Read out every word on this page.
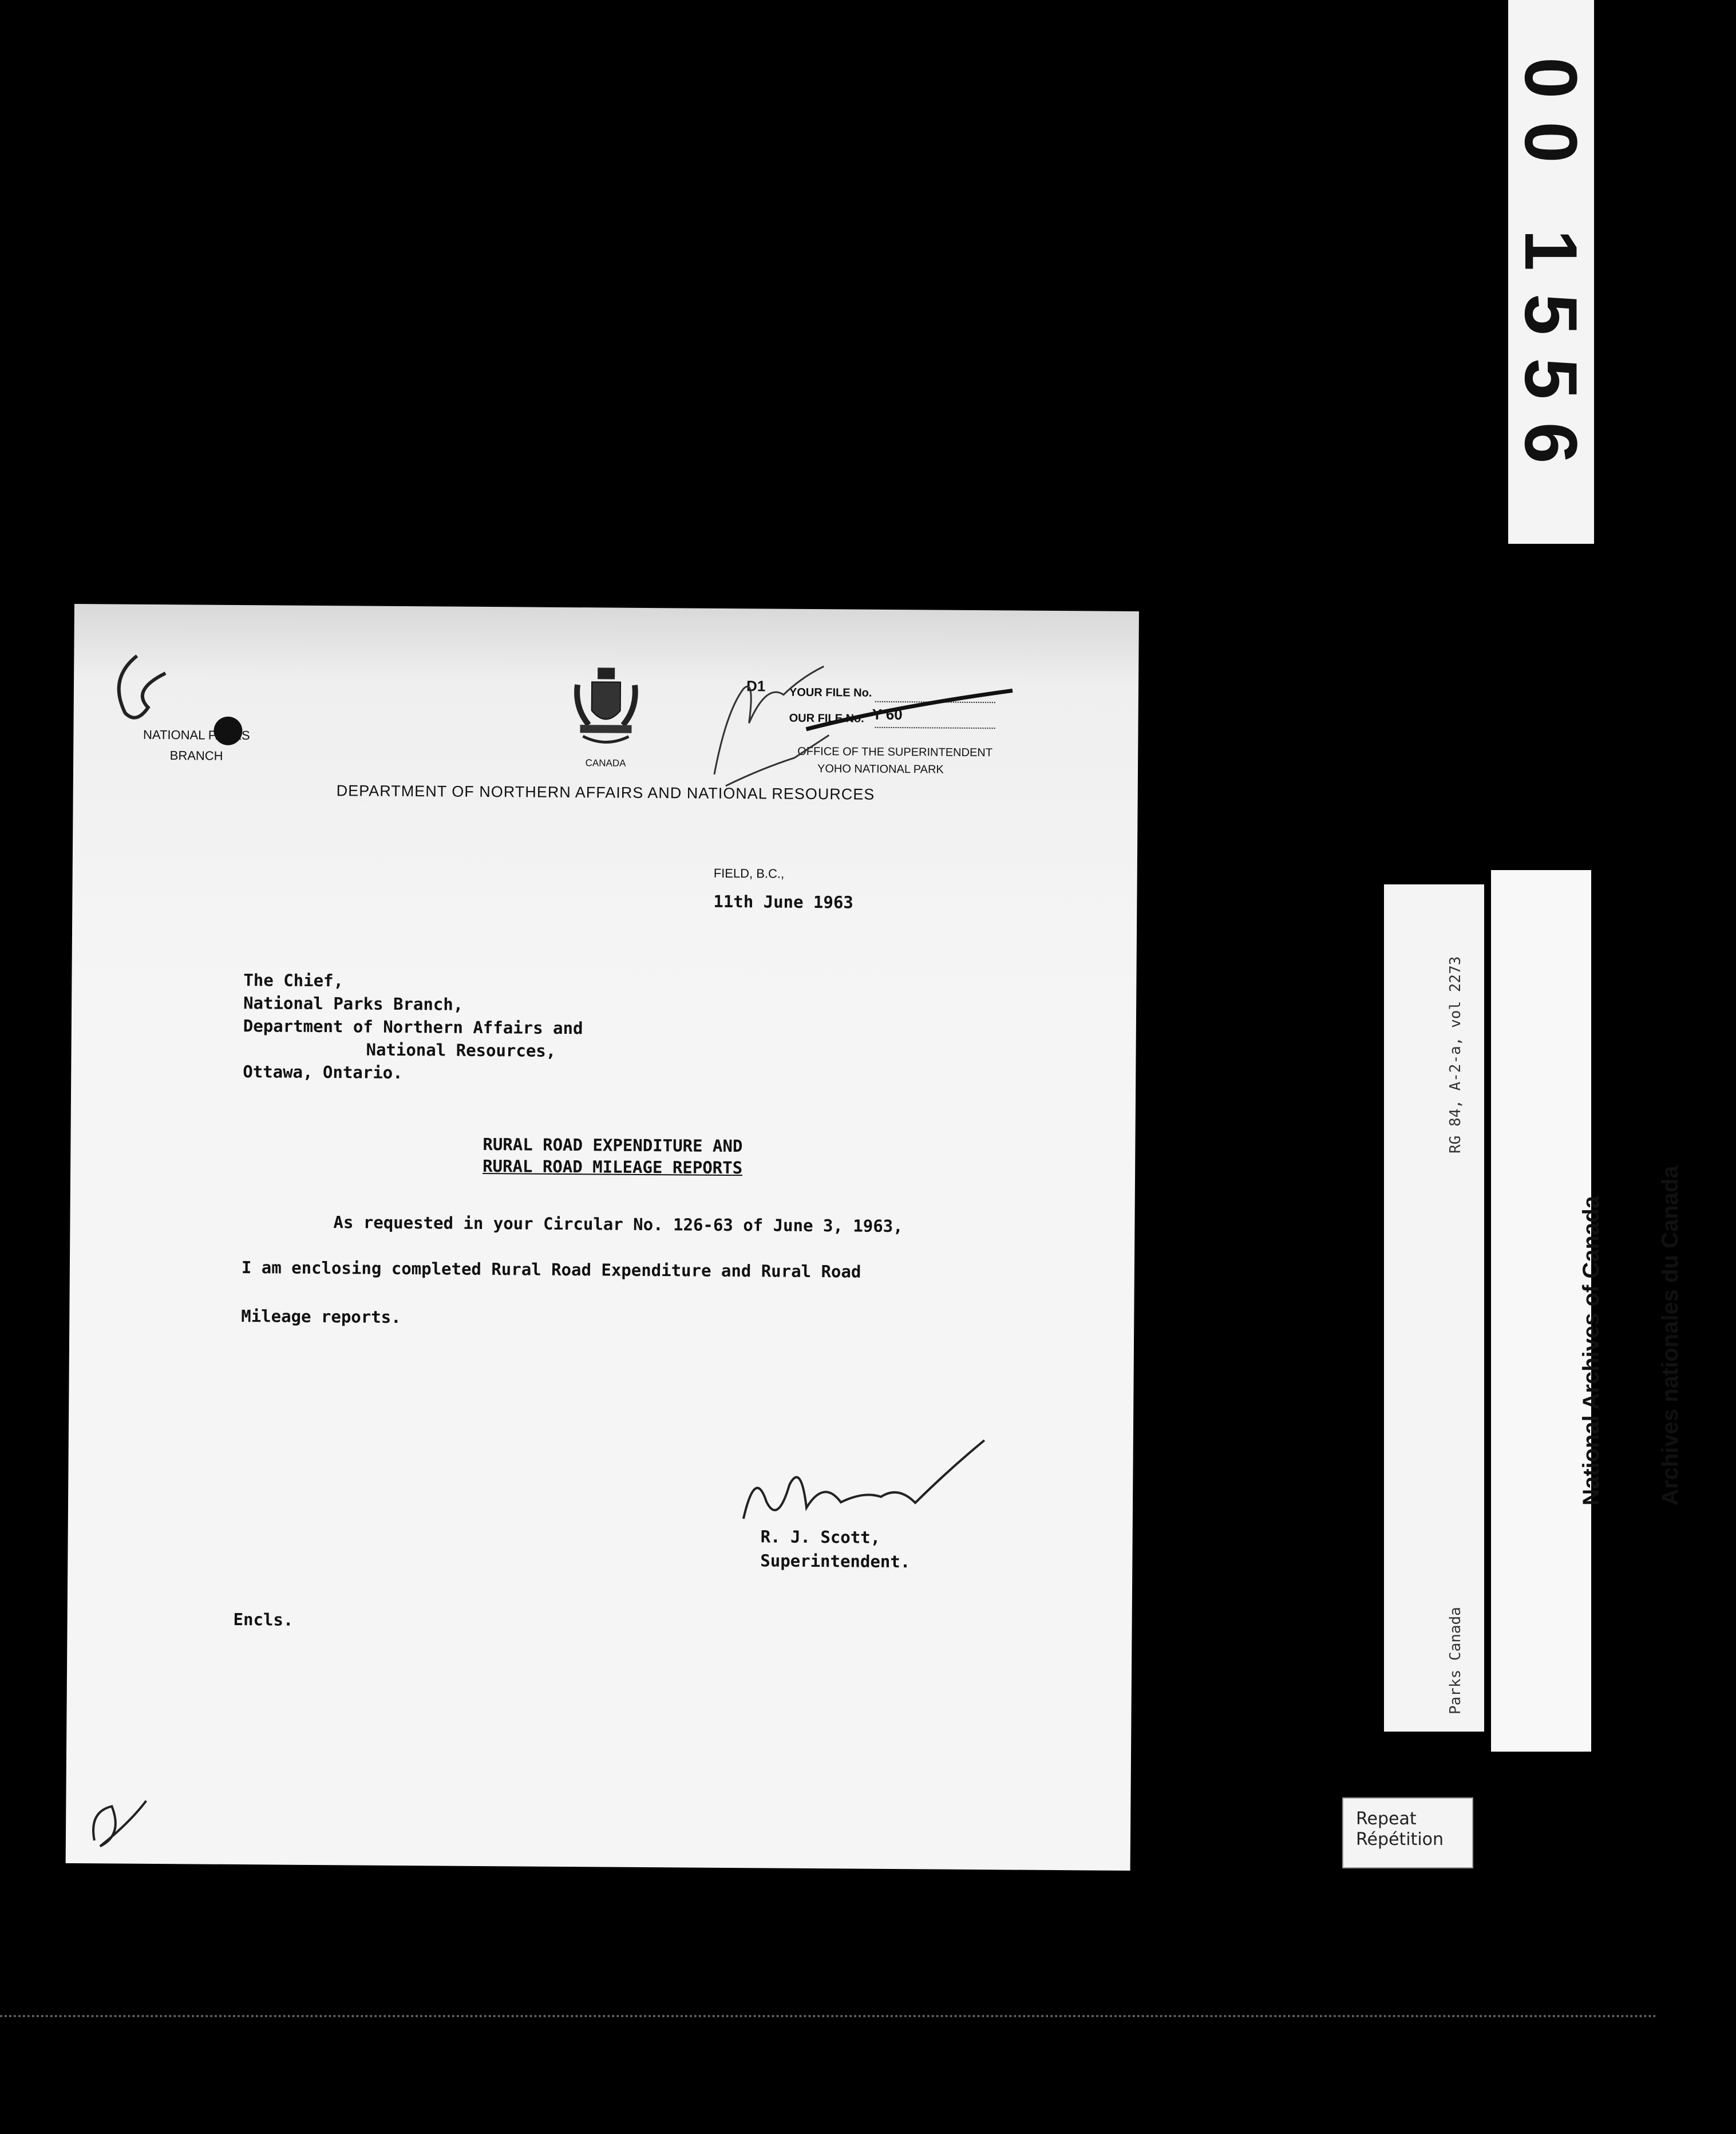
00 1556
NATIONAL PARKS
BRANCH
CANADA
DEPARTMENT OF NORTHERN AFFAIRS AND NATIONAL RESOURCES
D1 YOUR FILE No.
OUR FILE No. Y 60
OFFICE OF THE SUPERINTENDENT
YOHO NATIONAL PARK
FIELD, B.C.,
11th June 1963
The Chief,
National Parks Branch,
Department of Northern Affairs and
National Resources,
Ottawa, Ontario.
RURAL ROAD EXPENDITURE AND
RURAL ROAD MILEAGE REPORTS
As requested in your Circular No. 126-63 of June 3, 1963,
I am enclosing completed Rural Road Expenditure and Rural Road
Mileage reports.
R. J. Scott,
Superintendent.
Encls.

RG 84, A-2-a, vol 2273

Parks Canada

National Archives of Canada

Archives nationales du Canada

Repeat
Répétition
